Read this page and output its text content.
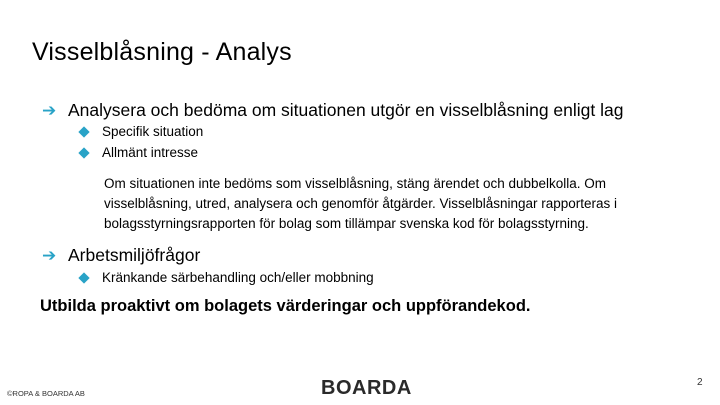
Visselblåsning - Analys
➔ Analysera och bedöma om situationen utgör en visselblåsning enligt lag
Specifik situation
Allmänt intresse
Om situationen inte bedöms som visselblåsning, stäng ärendet och dubbelkolla. Om
visselblåsning, utred, analysera och genomför åtgärder. Visselblåsningar rapporteras i
bolagsstyrningsrapporten för bolag som tillämpar svenska kod för bolagsstyrning.
➔ Arbetsmiljöfrågor
Kränkande särbehandling och/eller mobbning
Utbilda proaktivt om bolagets värderingar och uppförandekod.
©ROPA & BOARDA AB	BOARDA	2
